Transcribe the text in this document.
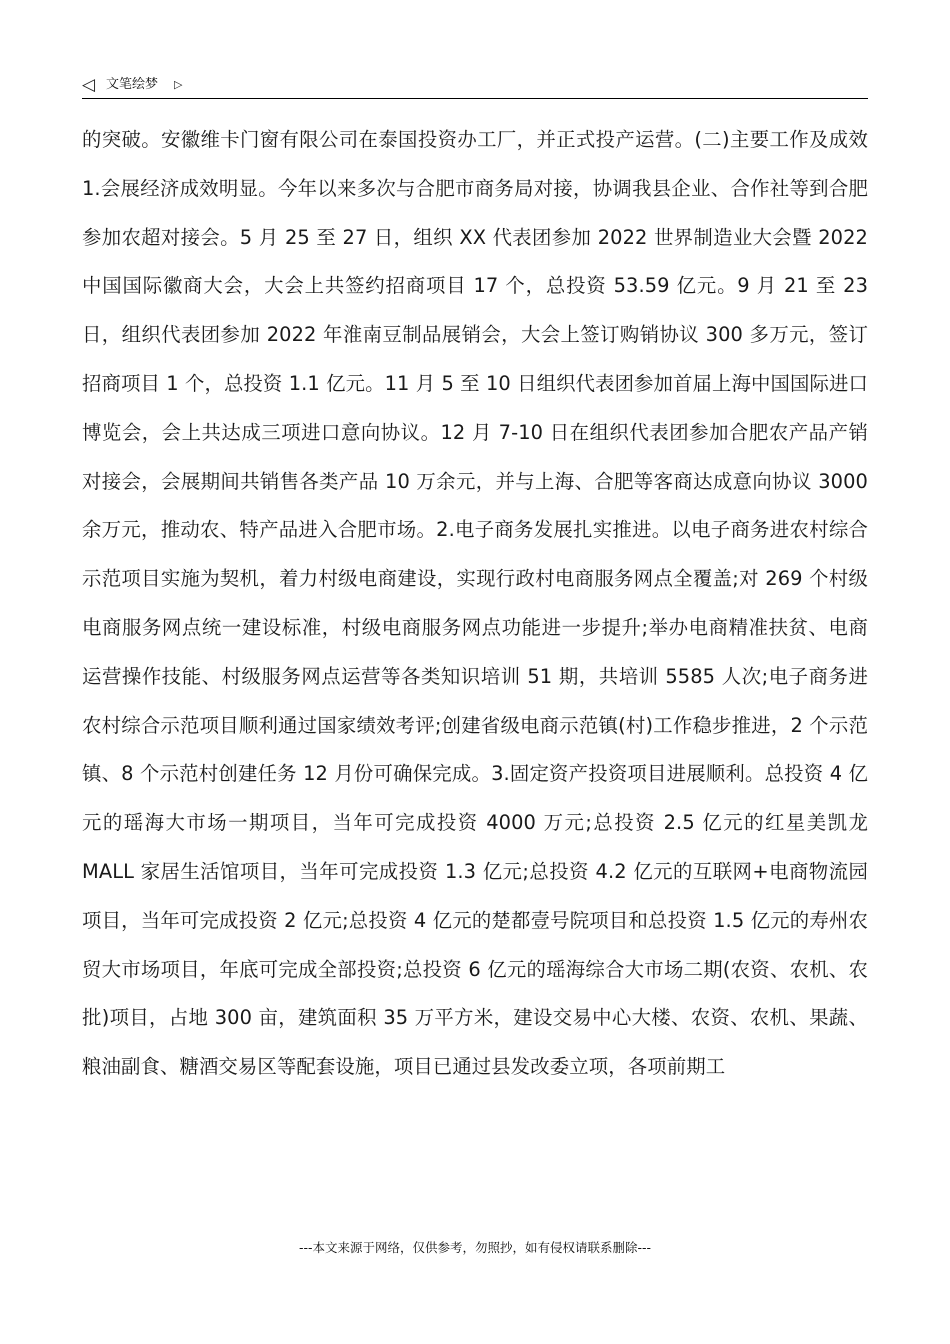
◁ 文笔绘梦 ▷

的突破。安徽维卡门窗有限公司在泰国投资办工厂，并正式投产运营。(二)主要工作及成效 1.会展经济成效明显。今年以来多次与合肥市商务局对接，协调我县企业、合作社等到合肥参加农超对接会。5 月 25 至 27 日，组织 XX 代表团参加 2022 世界制造业大会暨 2022 中国国际徽商大会，大会上共签约招商项目 17 个，总投资 53.59 亿元。9 月 21 至 23 日，组织代表团参加 2022 年淮南豆制品展销会，大会上签订购销协议 300 多万元，签订招商项目 1 个，总投资 1.1 亿元。11 月 5 至 10 日组织代表团参加首届上海中国国际进口博览会，会上共达成三项进口意向协议。12 月 7-10 日在组织代表团参加合肥农产品产销对接会，会展期间共销售各类产品 10 万余元，并与上海、合肥等客商达成意向协议 3000 余万元，推动农、特产品进入合肥市场。2.电子商务发展扎实推进。以电子商务进农村综合示范项目实施为契机，着力村级电商建设，实现行政村电商服务网点全覆盖;对 269 个村级电商服务网点统一建设标准，村级电商服务网点功能进一步提升;举办电商精准扶贫、电商运营操作技能、村级服务网点运营等各类知识培训 51 期，共培训 5585 人次;电子商务进农村综合示范项目顺利通过国家绩效考评;创建省级电商示范镇(村)工作稳步推进，2 个示范镇、8 个示范村创建任务 12 月份可确保完成。3.固定资产投资项目进展顺利。总投资 4 亿元的瑶海大市场一期项目，当年可完成投资 4000 万元;总投资 2.5 亿元的红星美凯龙 MALL 家居生活馆项目，当年可完成投资 1.3 亿元;总投资 4.2 亿元的互联网+电商物流园项目，当年可完成投资 2 亿元;总投资 4 亿元的楚都壹号院项目和总投资 1.5 亿元的寿州农贸大市场项目，年底可完成全部投资;总投资 6 亿元的瑶海综合大市场二期(农资、农机、农批)项目，占地 300 亩，建筑面积 35 万平方米，建设交易中心大楼、农资、农机、果蔬、粮油副食、糖酒交易区等配套设施，项目已通过县发改委立项，各项前期工

---本文来源于网络，仅供参考，勿照抄，如有侵权请联系删除---
